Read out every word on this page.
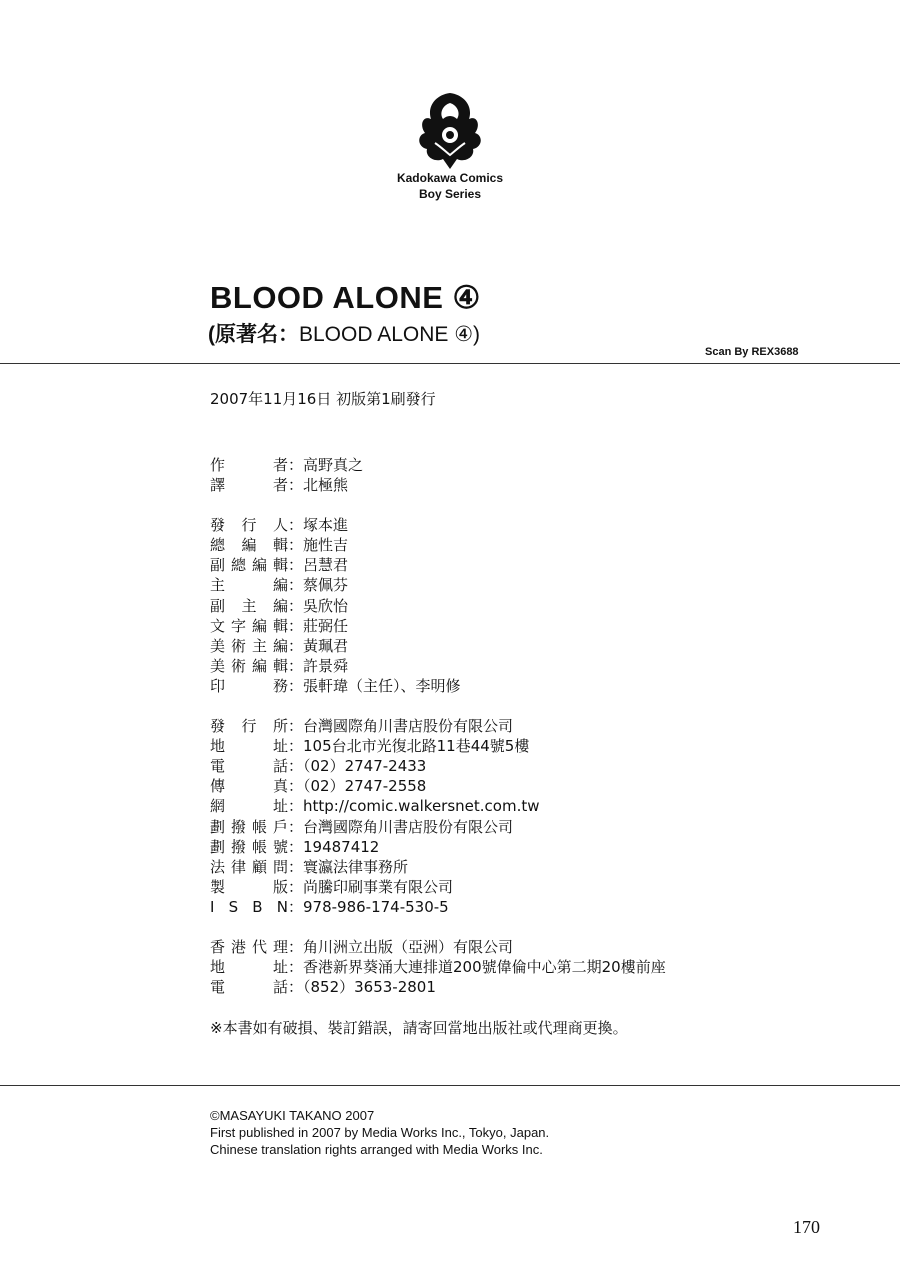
Kadokawa Comics
Boy Series
BLOOD ALONE ④
(原著名：BLOOD ALONE ④)
Scan By REX3688
2007年11月16日 初版第1刷發行
作	者 ：高野真之
譯	者 ：北極熊
發 行 人 ：塚本進
總 編 輯 ：施性吉
副 總 編 輯 ：呂慧君
主	編 ：蔡佩芬
副 主 編 ：吳欣怡
文 字 編 輯 ：莊弼任
美 術 主 編 ：黃珮君
美 術 編 輯 ：許景舜
印	務 ：張軒瑋（主任）、李明修
發 行 所 ：台灣國際角川書店股份有限公司
地	址 ：105台北市光復北路11巷44號5樓
電	話 ：（02）2747-2433
傳	真 ：（02）2747-2558
網	址 ：http://comic.walkersnet.com.tw
劃 撥 帳 戶 ：台灣國際角川書店股份有限公司
劃 撥 帳 號 ：19487412
法 律 顧 問 ：寰瀛法律事務所
製	版 ：尚騰印刷事業有限公司
I S B N ：978-986-174-530-5
香 港 代 理 ：角川洲立出版（亞洲）有限公司
地	址 ：香港新界葵涌大連排道200號偉倫中心第二期20樓前座
電	話 ：（852）3653-2801
※本書如有破損、裝訂錯誤，請寄回當地出版社或代理商更換。
©MASAYUKI TAKANO 2007
First published in 2007 by Media Works Inc., Tokyo, Japan.
Chinese translation rights arranged with Media Works Inc.
170
